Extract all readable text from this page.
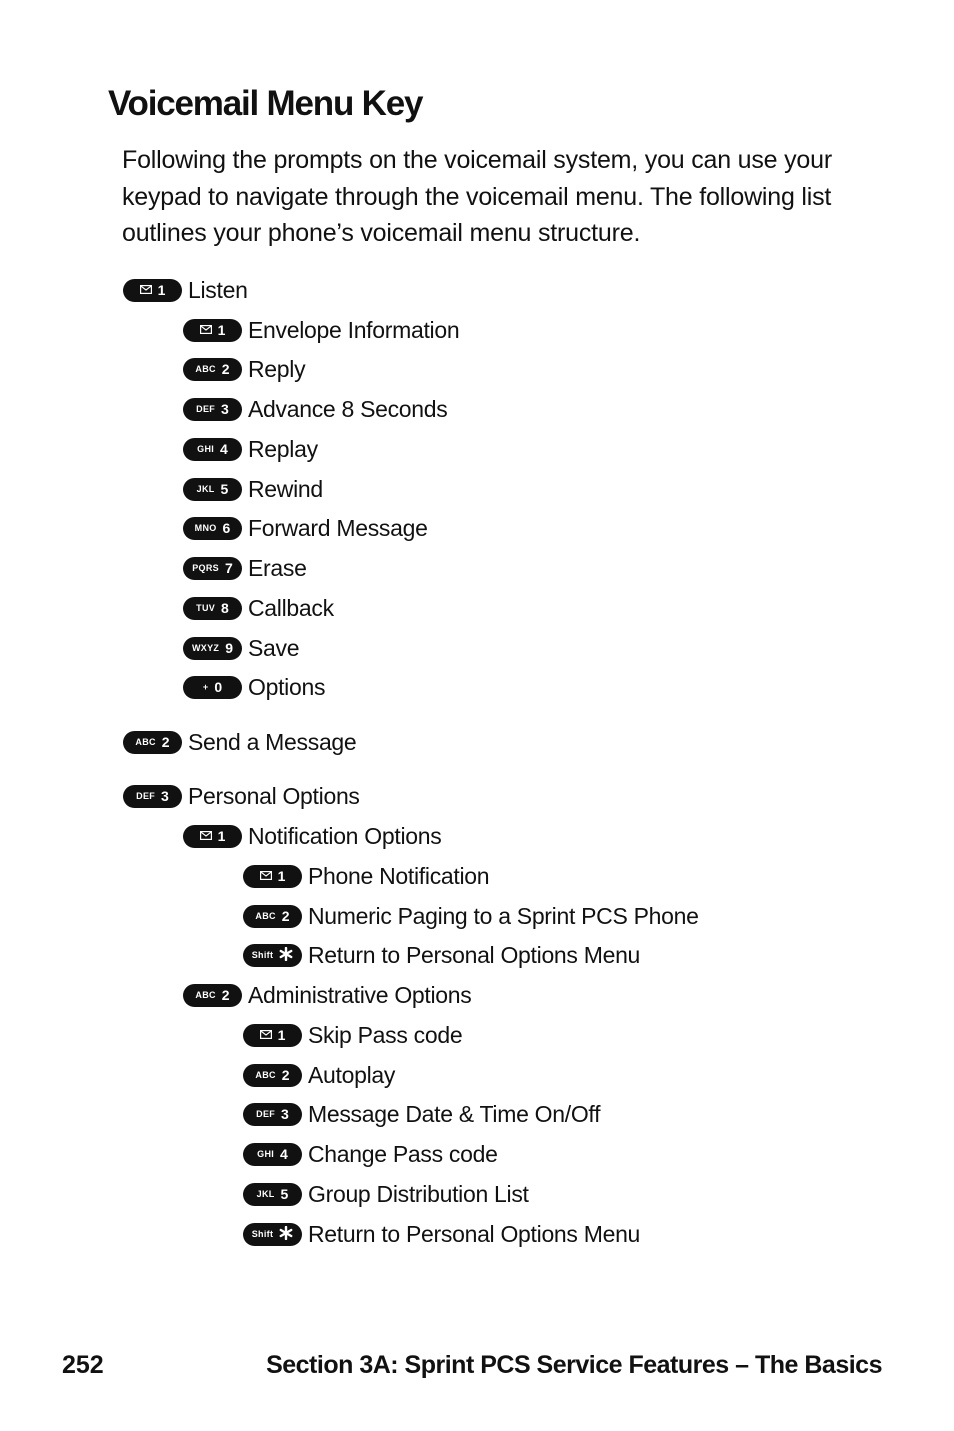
Voicemail Menu Key

Following the prompts on the voicemail system, you can use your keypad to navigate through the voicemail menu. The following list outlines your phone’s voicemail menu structure.

1 Listen
1 Envelope Information
ABC 2 Reply
DEF 3 Advance 8 Seconds
GHI 4 Replay
JKL 5 Rewind
MNO 6 Forward Message
PQRS 7 Erase
TUV 8 Callback
WXYZ 9 Save
+ 0 Options
ABC 2 Send a Message
DEF 3 Personal Options
1 Notification Options
1 Phone Notification
ABC 2 Numeric Paging to a Sprint PCS Phone
Shift Return to Personal Options Menu
ABC 2 Administrative Options
1 Skip Pass code
ABC 2 Autoplay
DEF 3 Message Date & Time On/Off
GHI 4 Change Pass code
JKL 5 Group Distribution List
Shift Return to Personal Options Menu
252	Section 3A: Sprint PCS Service Features – The Basics
